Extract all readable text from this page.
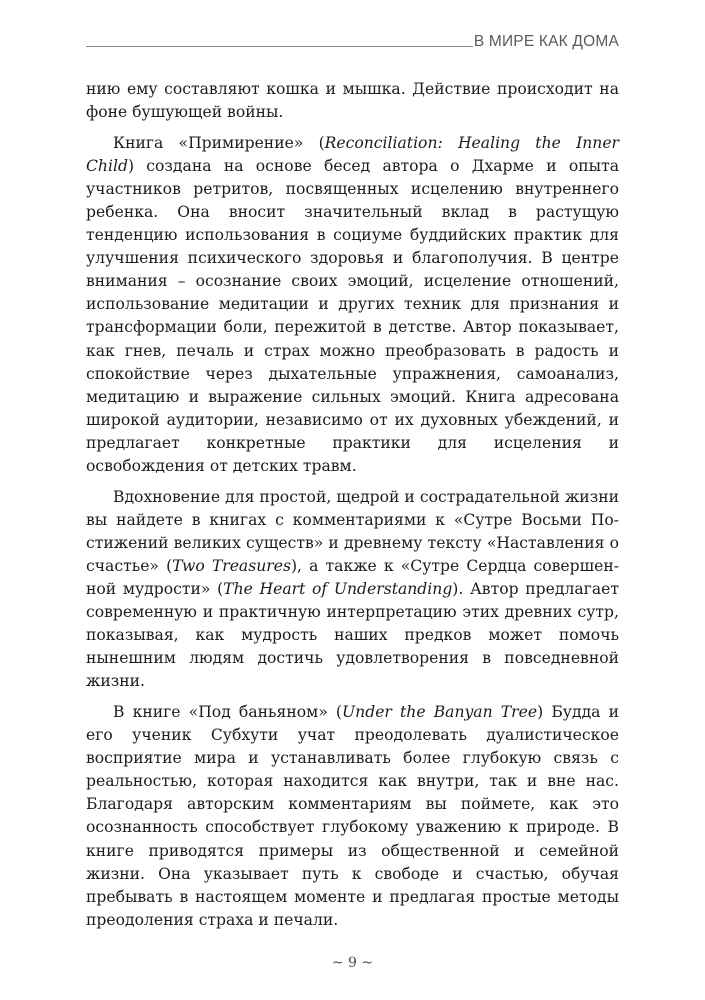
В МИРЕ КАК ДОМА

нию ему составляют кошка и мышка. Действие происходит на фоне бушующей войны.

Книга «Примирение» (Reconciliation: Healing the Inner Child) создана на основе бесед автора о Дхарме и опыта участников ретритов, посвященных исцелению внутреннего ребенка. Она вносит значительный вклад в растущую тенденцию использования в социуме буддийских практик для улучшения психического здоровья и благополучия. В центре внимания – осознание своих эмоций, исцеление отношений, использование медитации и других техник для признания и трансформации боли, пережитой в детстве. Автор показывает, как гнев, печаль и страх можно преобразовать в радость и спокойствие через дыхательные упражнения, самоанализ, медитацию и выражение сильных эмоций. Книга адресована широкой аудитории, независимо от их духовных убеждений, и предлагает конкретные практики для исцеления и освобождения от детских травм.

Вдохновение для простой, щедрой и сострадательной жизни вы найдете в книгах с комментариями к «Сутре Восьми Постижений великих существ» и древнему тексту «Наставления о счастье» (Two Treasures), а также к «Сутре Сердца совершенной мудрости» (The Heart of Understanding). Автор предлагает современную и практичную интерпретацию этих древних сутр, показывая, как мудрость наших предков может помочь нынешним людям достичь удовлетворения в повседневной жизни.

В книге «Под баньяном» (Under the Banyan Tree) Будда и его ученик Субхути учат преодолевать дуалистическое восприятие мира и устанавливать более глубокую связь с реальностью, которая находится как внутри, так и вне нас. Благодаря авторским комментариям вы поймете, как это осознанность способствует глубокому уважению к природе. В книге приводятся примеры из общественной и семейной жизни. Она указывает путь к свободе и счастью, обучая пребывать в настоящем моменте и предлагая простые методы преодоления страха и печали.

~ 9 ~
